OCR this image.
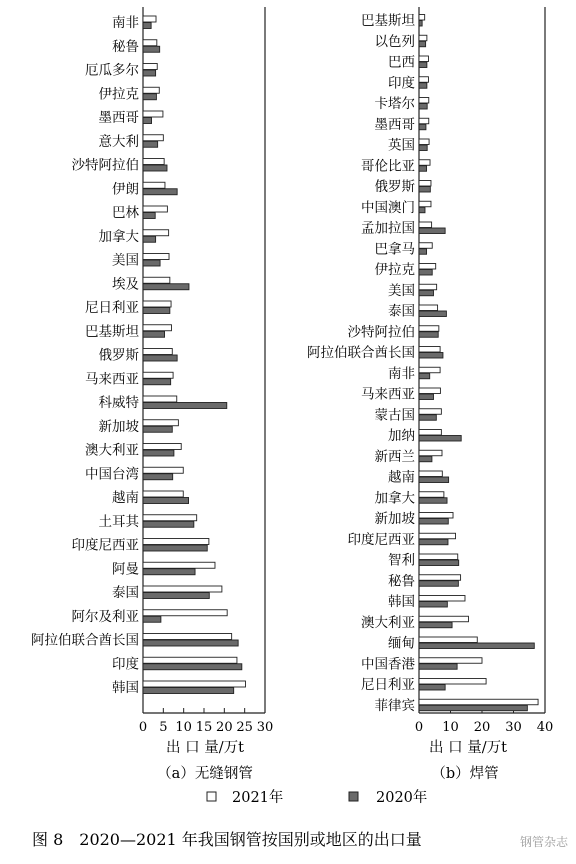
0 5 10 15 20 25 30
出 口 量/万t
南非
秘鲁
厄瓜多尔
伊拉克
墨西哥
意大利
沙特阿拉伯
伊朗
巴林
加拿大
美国
埃及
尼日利亚
巴基斯坦
俄罗斯
马来西亚
科威特
新加坡
澳大利亚
中国台湾
越南
土耳其
印度尼西亚
阿曼
泰国
阿尔及利亚
阿拉伯联合酋长国
印度
韩国
0 10 20 30 40
出 口 量/万t
巴基斯坦
以色列
巴西
印度
卡塔尔
墨西哥
英国
哥伦比亚
俄罗斯
中国澳门
孟加拉国
巴拿马
伊拉克
美国
泰国
沙特阿拉伯
阿拉伯联合酋长国
南非
马来西亚
蒙古国
加纳
新西兰
越南
加拿大
新加坡
印度尼西亚
智利
秘鲁
韩国
澳大利亚
缅甸
中国香港
尼日利亚
菲律宾
（a）无缝钢管	（b）焊管
2021年	2020年
图 8　2020—2021 年我国钢管按国别或地区的出口量	钢管杂志
